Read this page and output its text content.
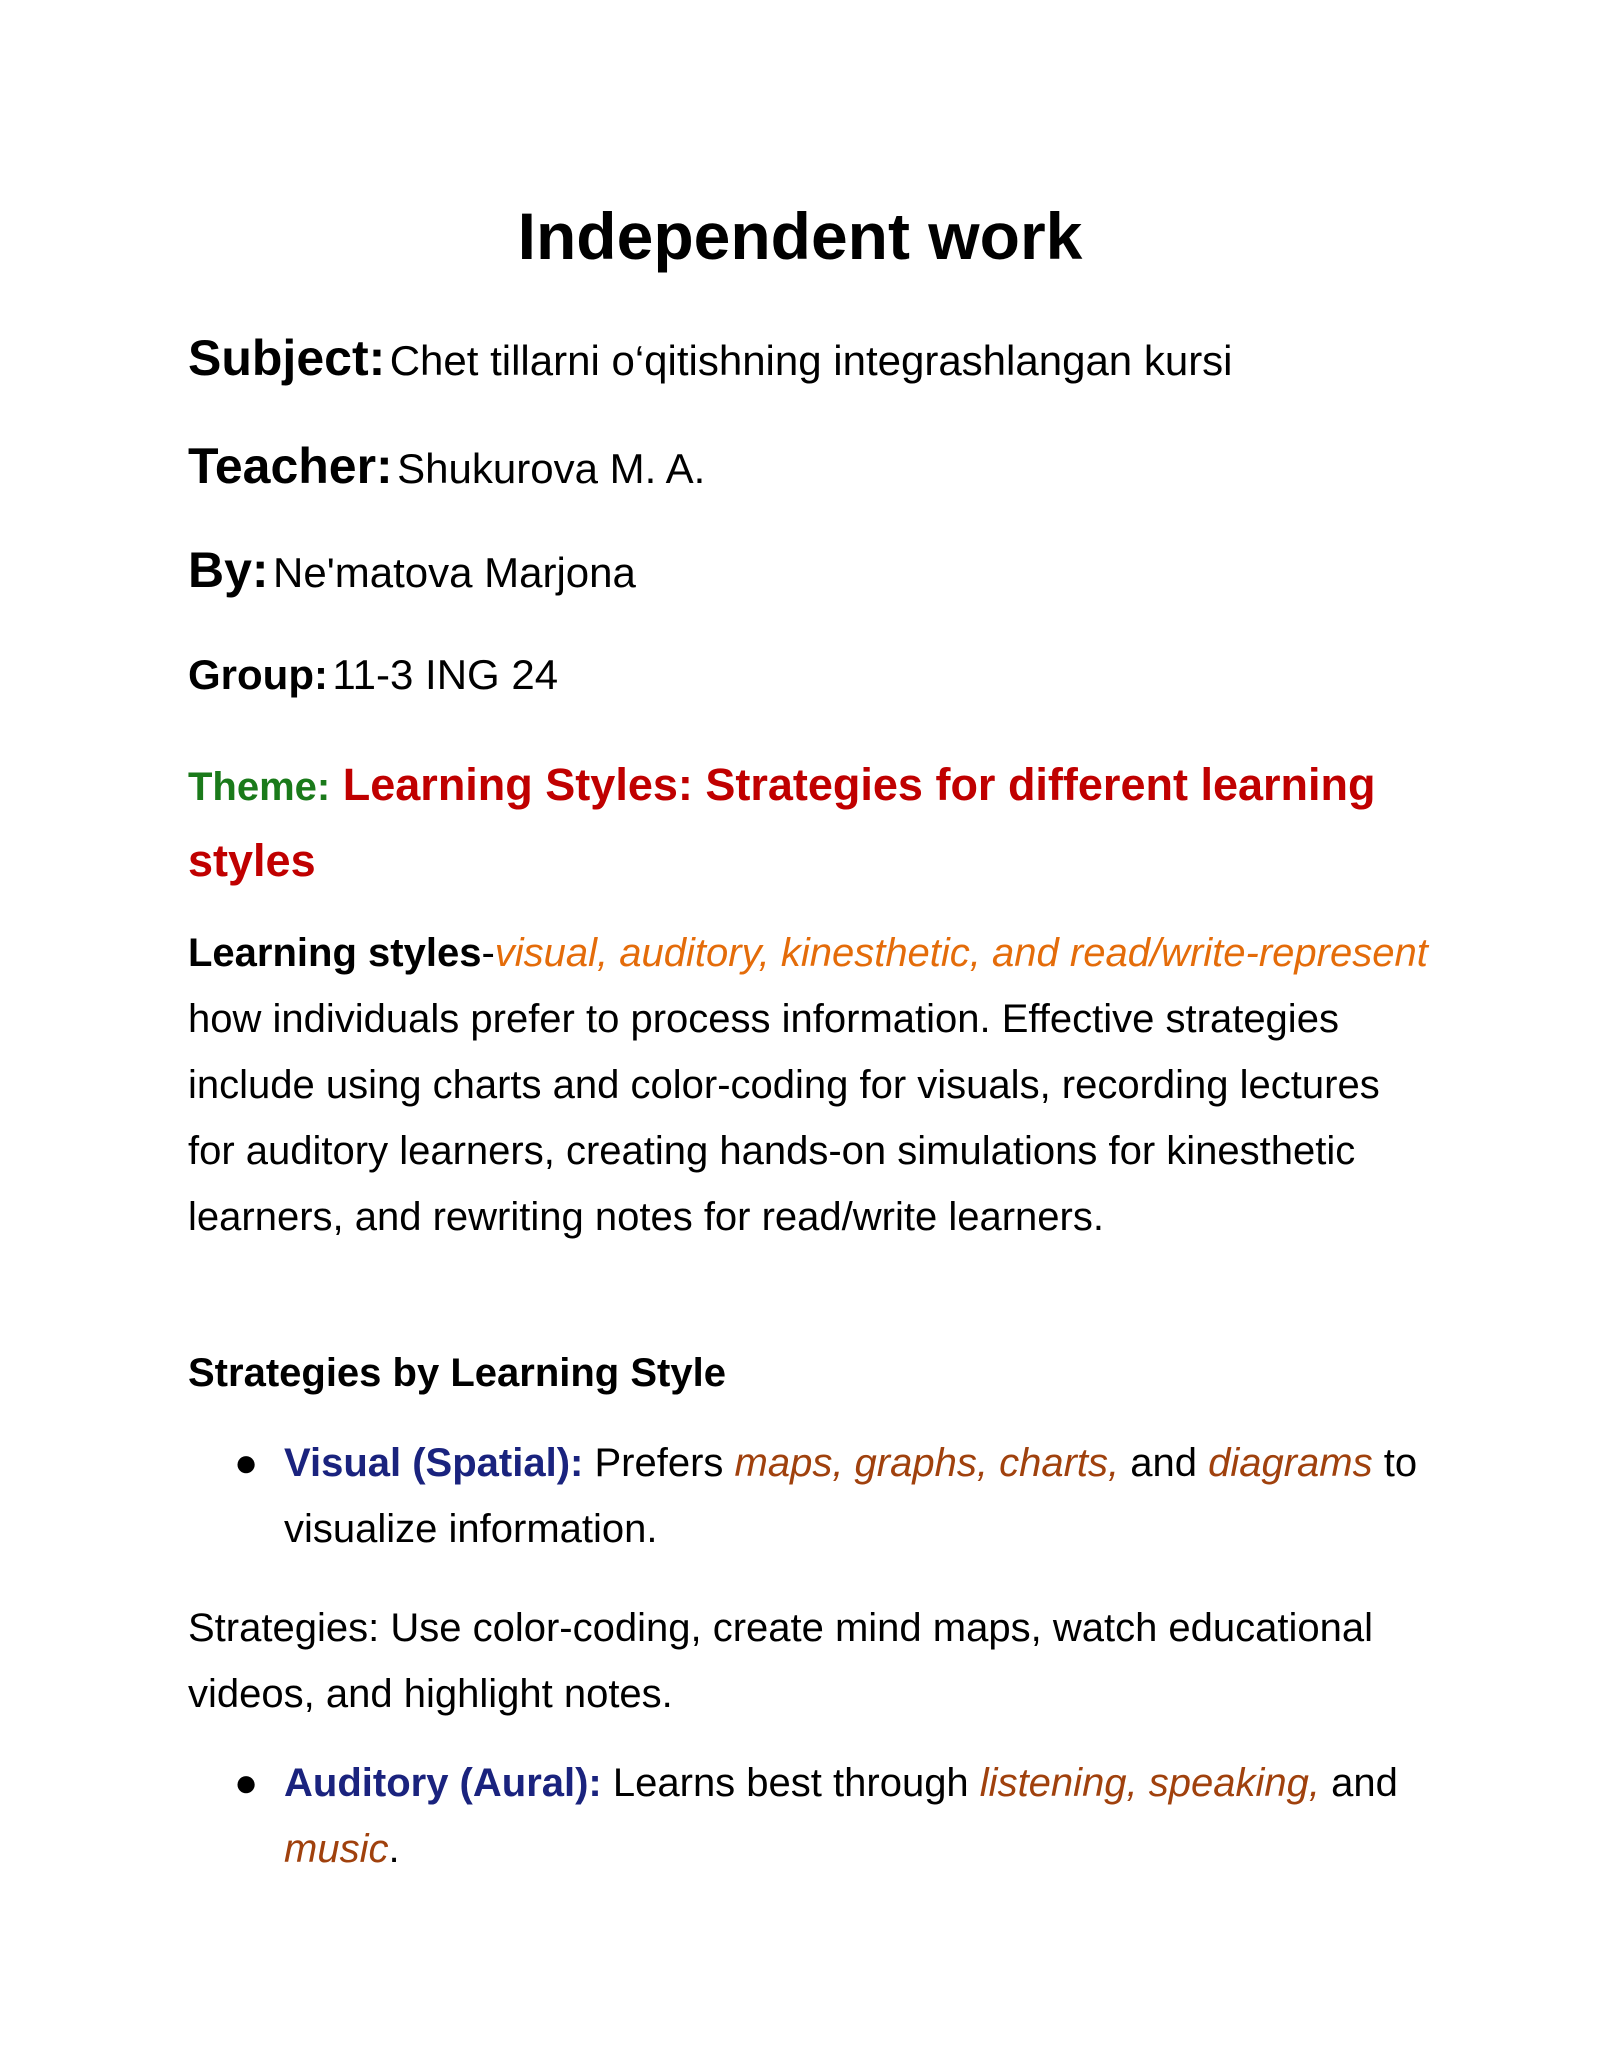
Independent work

Subject: Chet tillarni o‘qitishning integrashlangan kursi

Teacher: Shukurova M. A.

By: Ne'matova Marjona

Group: 11-3 ING 24

Theme: Learning Styles: Strategies for different learning styles

Learning styles-visual, auditory, kinesthetic, and read/write-represent how individuals prefer to process information. Effective strategies include using charts and color-coding for visuals, recording lectures for auditory learners, creating hands-on simulations for kinesthetic learners, and rewriting notes for read/write learners.

Strategies by Learning Style

● Visual (Spatial): Prefers maps, graphs, charts, and diagrams to visualize information.

Strategies: Use color-coding, create mind maps, watch educational videos, and highlight notes.

● Auditory (Aural): Learns best through listening, speaking, and music.
